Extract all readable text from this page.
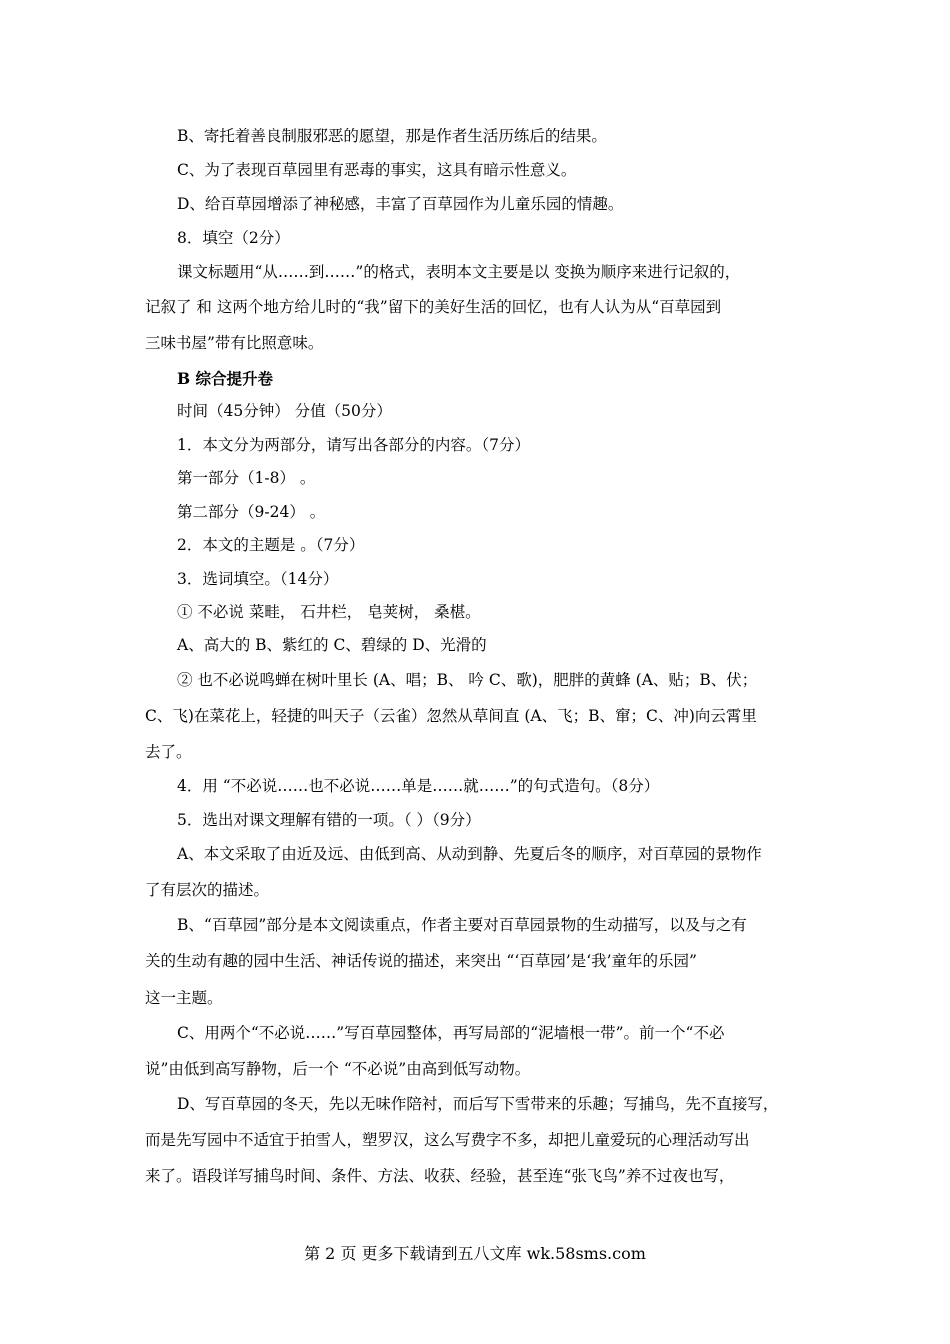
B、寄托着善良制服邪恶的愿望，那是作者生活历练后的结果。
C、为了表现百草园里有恶毒的事实，这具有暗示性意义。
D、给百草园增添了神秘感，丰富了百草园作为儿童乐园的情趣。
8．填空（2分）
课文标题用“从……到……”的格式，表明本文主要是以 变换为顺序来进行记叙的，
记叙了 和 这两个地方给儿时的“我”留下的美好生活的回忆，也有人认为从“百草园到
三味书屋”带有比照意味。
B 综合提升卷
时间（45分钟） 分值（50分）
1．本文分为两部分，请写出各部分的内容。（7分）
第一部分（1-8） 。
第二部分（9-24） 。
2．本文的主题是 。（7分）
3．选词填空。（14分）
① 不必说 菜畦， 石井栏， 皂荚树， 桑椹。
A、高大的 B、紫红的 C、碧绿的 D、光滑的
② 也不必说鸣蝉在树叶里长 (A、唱；B、 吟 C、歌)，肥胖的黄蜂 (A、贴；B、伏；
C、飞)在菜花上，轻捷的叫天子（云雀）忽然从草间直 (A、飞；B、窜；C、冲)向云霄里
去了。
4．用 “不必说……也不必说……单是……就……”的句式造句。（8分）
5．选出对课文理解有错的一项。（ ）（9分）
A、本文采取了由近及远、由低到高、从动到静、先夏后冬的顺序，对百草园的景物作
了有层次的描述。
B、“百草园”部分是本文阅读重点，作者主要对百草园景物的生动描写，以及与之有
关的生动有趣的园中生活、神话传说的描述，来突出 “‘百草园’是‘我’童年的乐园”
这一主题。
C、用两个“不必说……”写百草园整体，再写局部的“泥墙根一带”。前一个“不必
说”由低到高写静物，后一个 “不必说”由高到低写动物。
D、写百草园的冬天，先以无味作陪衬，而后写下雪带来的乐趣；写捕鸟，先不直接写，
而是先写园中不适宜于拍雪人，塑罗汉，这么写费字不多，却把儿童爱玩的心理活动写出
来了。语段详写捕鸟时间、条件、方法、收获、经验，甚至连“张飞鸟”养不过夜也写，
第 2 页 更多下载请到五八文库 wk.58sms.com
